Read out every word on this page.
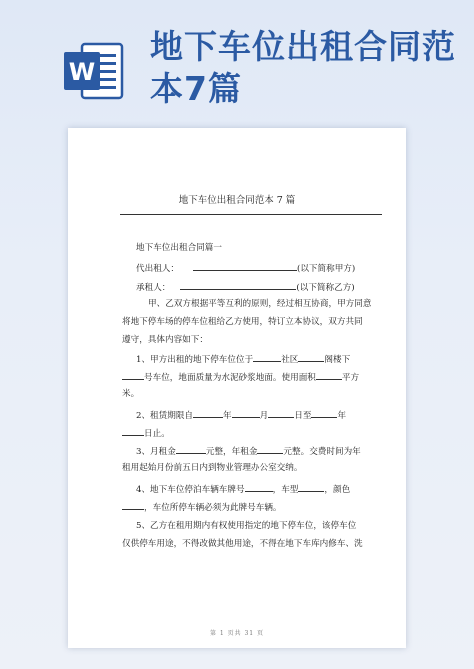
W
地下车位出租合同范本7篇
地下车位出租合同范本 7 篇
地下车位出租合同篇一
代出租人：	(以下简称甲方)
承租人：	(以下简称乙方)
甲、乙双方根据平等互利的原则，经过相互协商，甲方同意
将地下停车场的停车位租给乙方使用，特订立本协议，双方共同
遵守，具体内容如下：
1、甲方出租的地下停车位位于	社区	阁楼下
号车位，地面质量为水泥砂浆地面。使用面积	平方
米。
2、租赁期限自	年	月	日至	年
日止。
3、月租金	元整，年租金	元整。交费时间为年
租用起始月份前五日内到物业管理办公室交纳。
4、地下车位停泊车辆车牌号	，车型	，颜色
，车位所停车辆必须为此牌号车辆。
5、乙方在租用期内有权使用指定的地下停车位，该停车位
仅供停车用途，不得改做其他用途，不得在地下车库内修车、洗
第 1 页共 31 页
